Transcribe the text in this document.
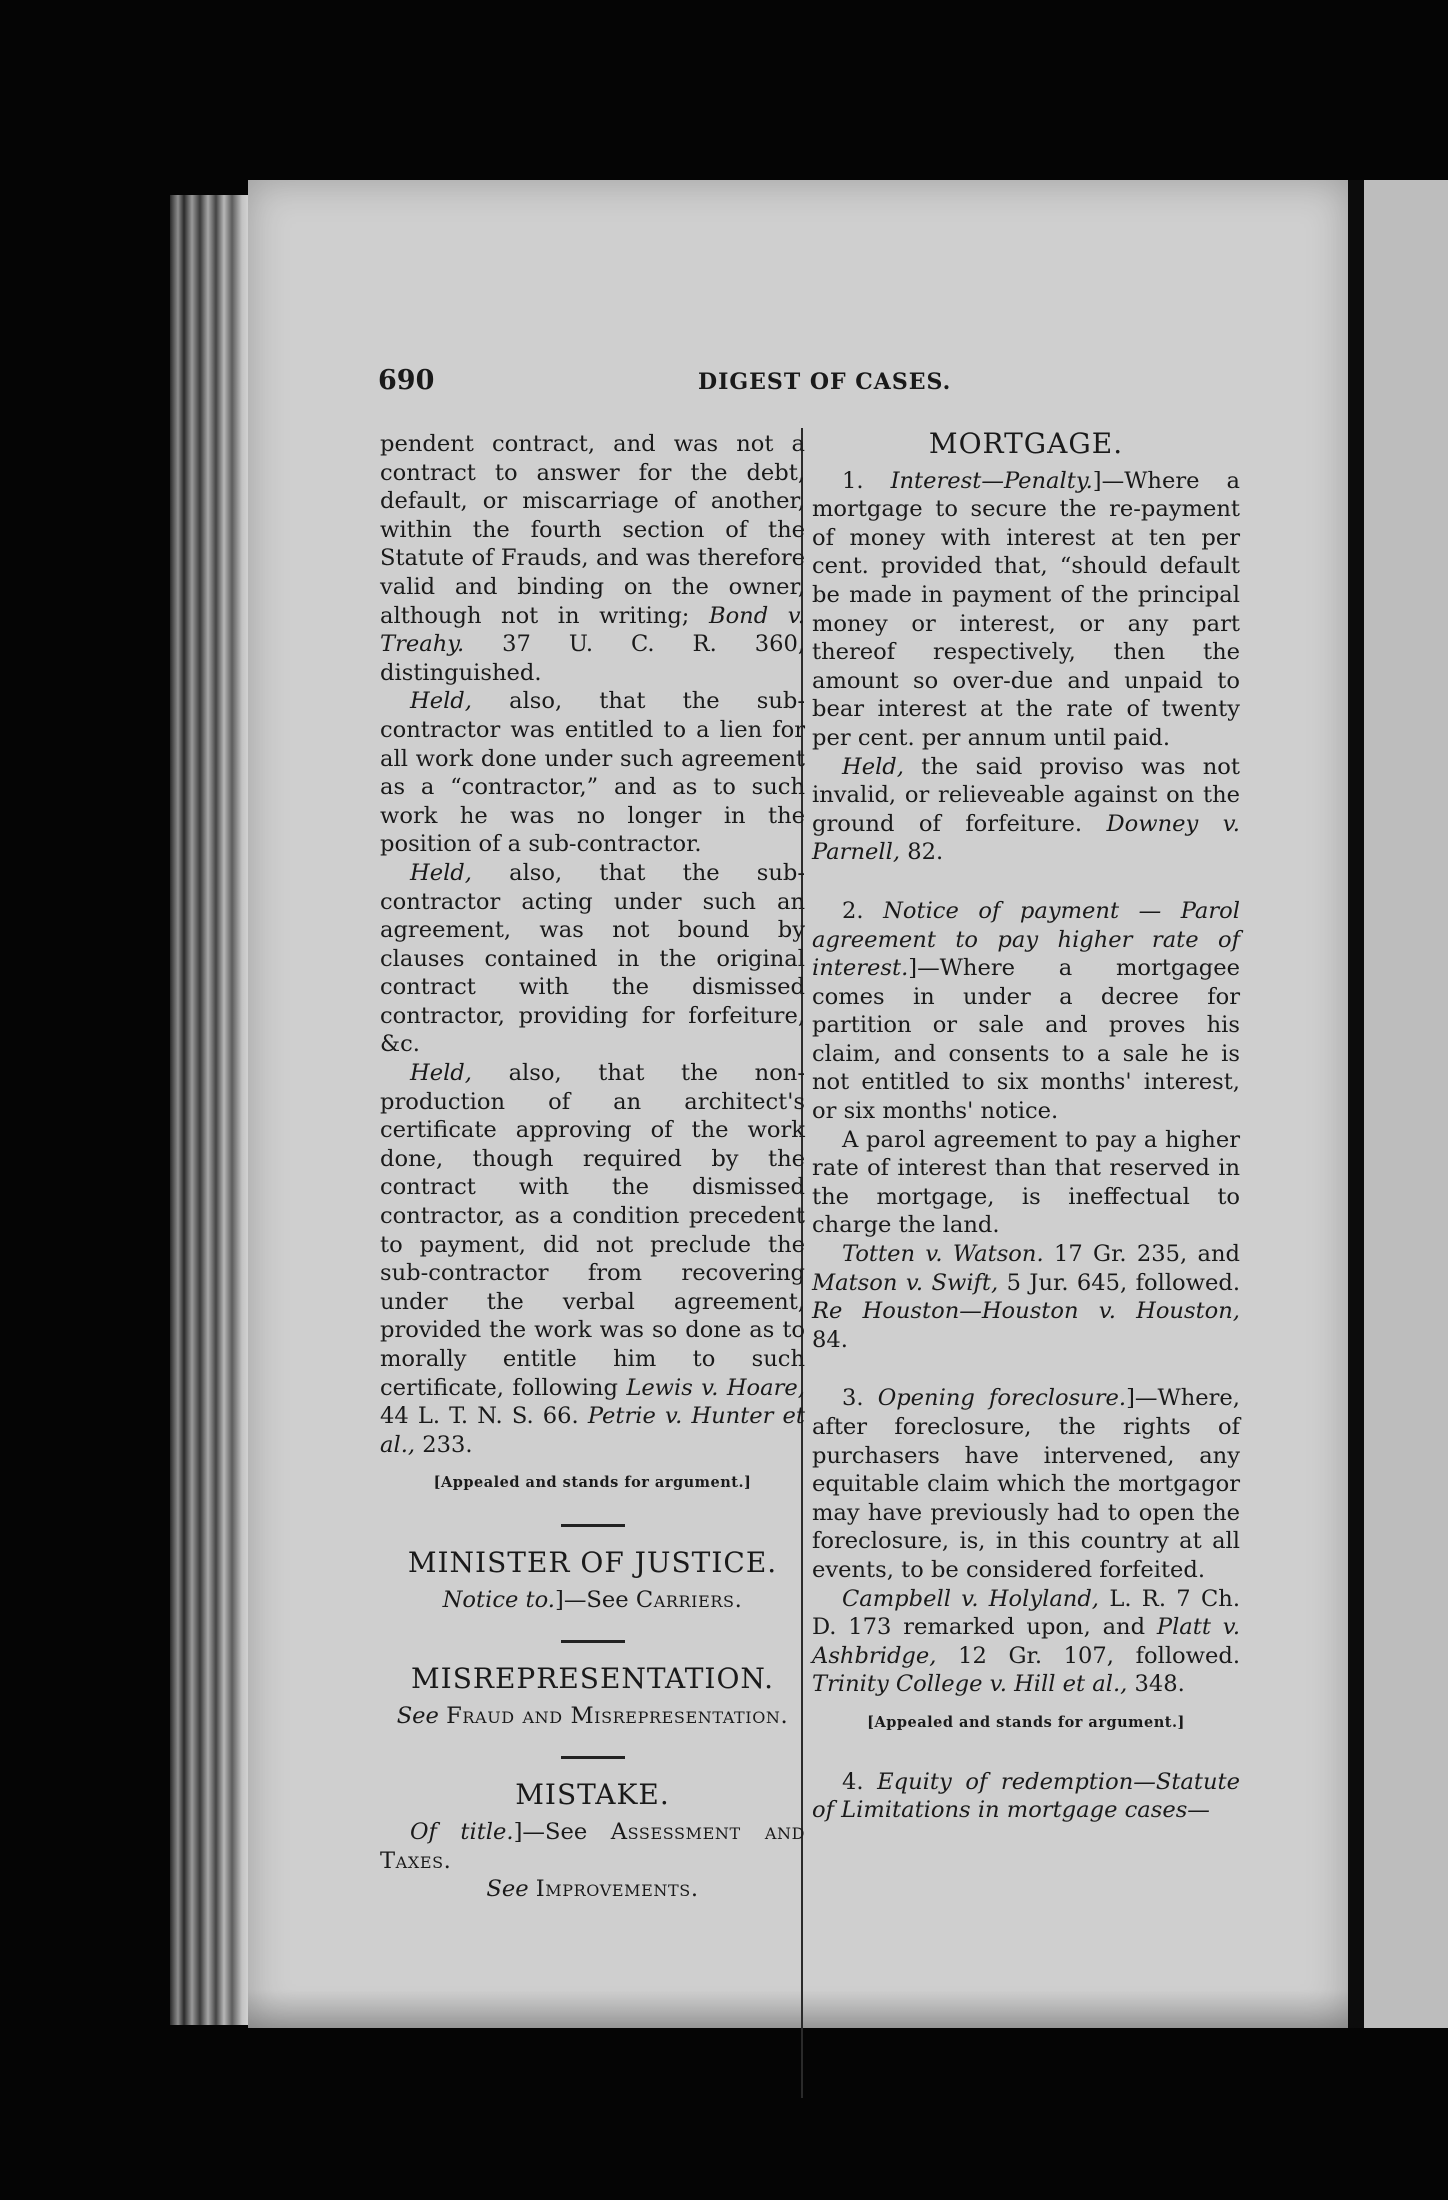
690	DIGEST OF CASES.

pendent contract, and was not a contract to answer for the debt, default, or miscarriage of another, within the fourth section of the Statute of Frauds, and was therefore valid and binding on the owner, although not in writing; Bond v. Treahy. 37 U. C. R. 360, distinguished.

Held, also, that the sub-contractor was entitled to a lien for all work done under such agreement as a “contractor,” and as to such work he was no longer in the position of a sub-contractor.

Held, also, that the sub-contractor acting under such an agreement, was not bound by clauses contained in the original contract with the dismissed contractor, providing for forfeiture, &c.

Held, also, that the non-production of an architect's certificate approving of the work done, though required by the contract with the dismissed contractor, as a condition precedent to payment, did not preclude the sub-contractor from recovering under the verbal agreement, provided the work was so done as to morally entitle him to such certificate, following Lewis v. Hoare, 44 L. T. N. S. 66. Petrie v. Hunter et al., 233.

[Appealed and stands for argument.]

MINISTER OF JUSTICE.

Notice to.]—See Carriers.

MISREPRESENTATION.

See Fraud and Misrepresentation.

MISTAKE.

Of title.]—See Assessment and Taxes.

See Improvements.

MORTGAGE.

1. Interest—Penalty.]—Where a mortgage to secure the re-payment of money with interest at ten per cent. provided that, “should default be made in payment of the principal money or interest, or any part thereof respectively, then the amount so over-due and unpaid to bear interest at the rate of twenty per cent. per annum until paid.

Held, the said proviso was not invalid, or relieveable against on the ground of forfeiture. Downey v. Parnell, 82.

2. Notice of payment — Parol agreement to pay higher rate of interest.]—Where a mortgagee comes in under a decree for partition or sale and proves his claim, and consents to a sale he is not entitled to six months' interest, or six months' notice.

A parol agreement to pay a higher rate of interest than that reserved in the mortgage, is ineffectual to charge the land.

Totten v. Watson. 17 Gr. 235, and Matson v. Swift, 5 Jur. 645, followed. Re Houston—Houston v. Houston, 84.

3. Opening foreclosure.]—Where, after foreclosure, the rights of purchasers have intervened, any equitable claim which the mortgagor may have previously had to open the foreclosure, is, in this country at all events, to be considered forfeited.

Campbell v. Holyland, L. R. 7 Ch. D. 173 remarked upon, and Platt v. Ashbridge, 12 Gr. 107, followed. Trinity College v. Hill et al., 348.

[Appealed and stands for argument.]

4. Equity of redemption—Statute of Limitations in mortgage cases—
